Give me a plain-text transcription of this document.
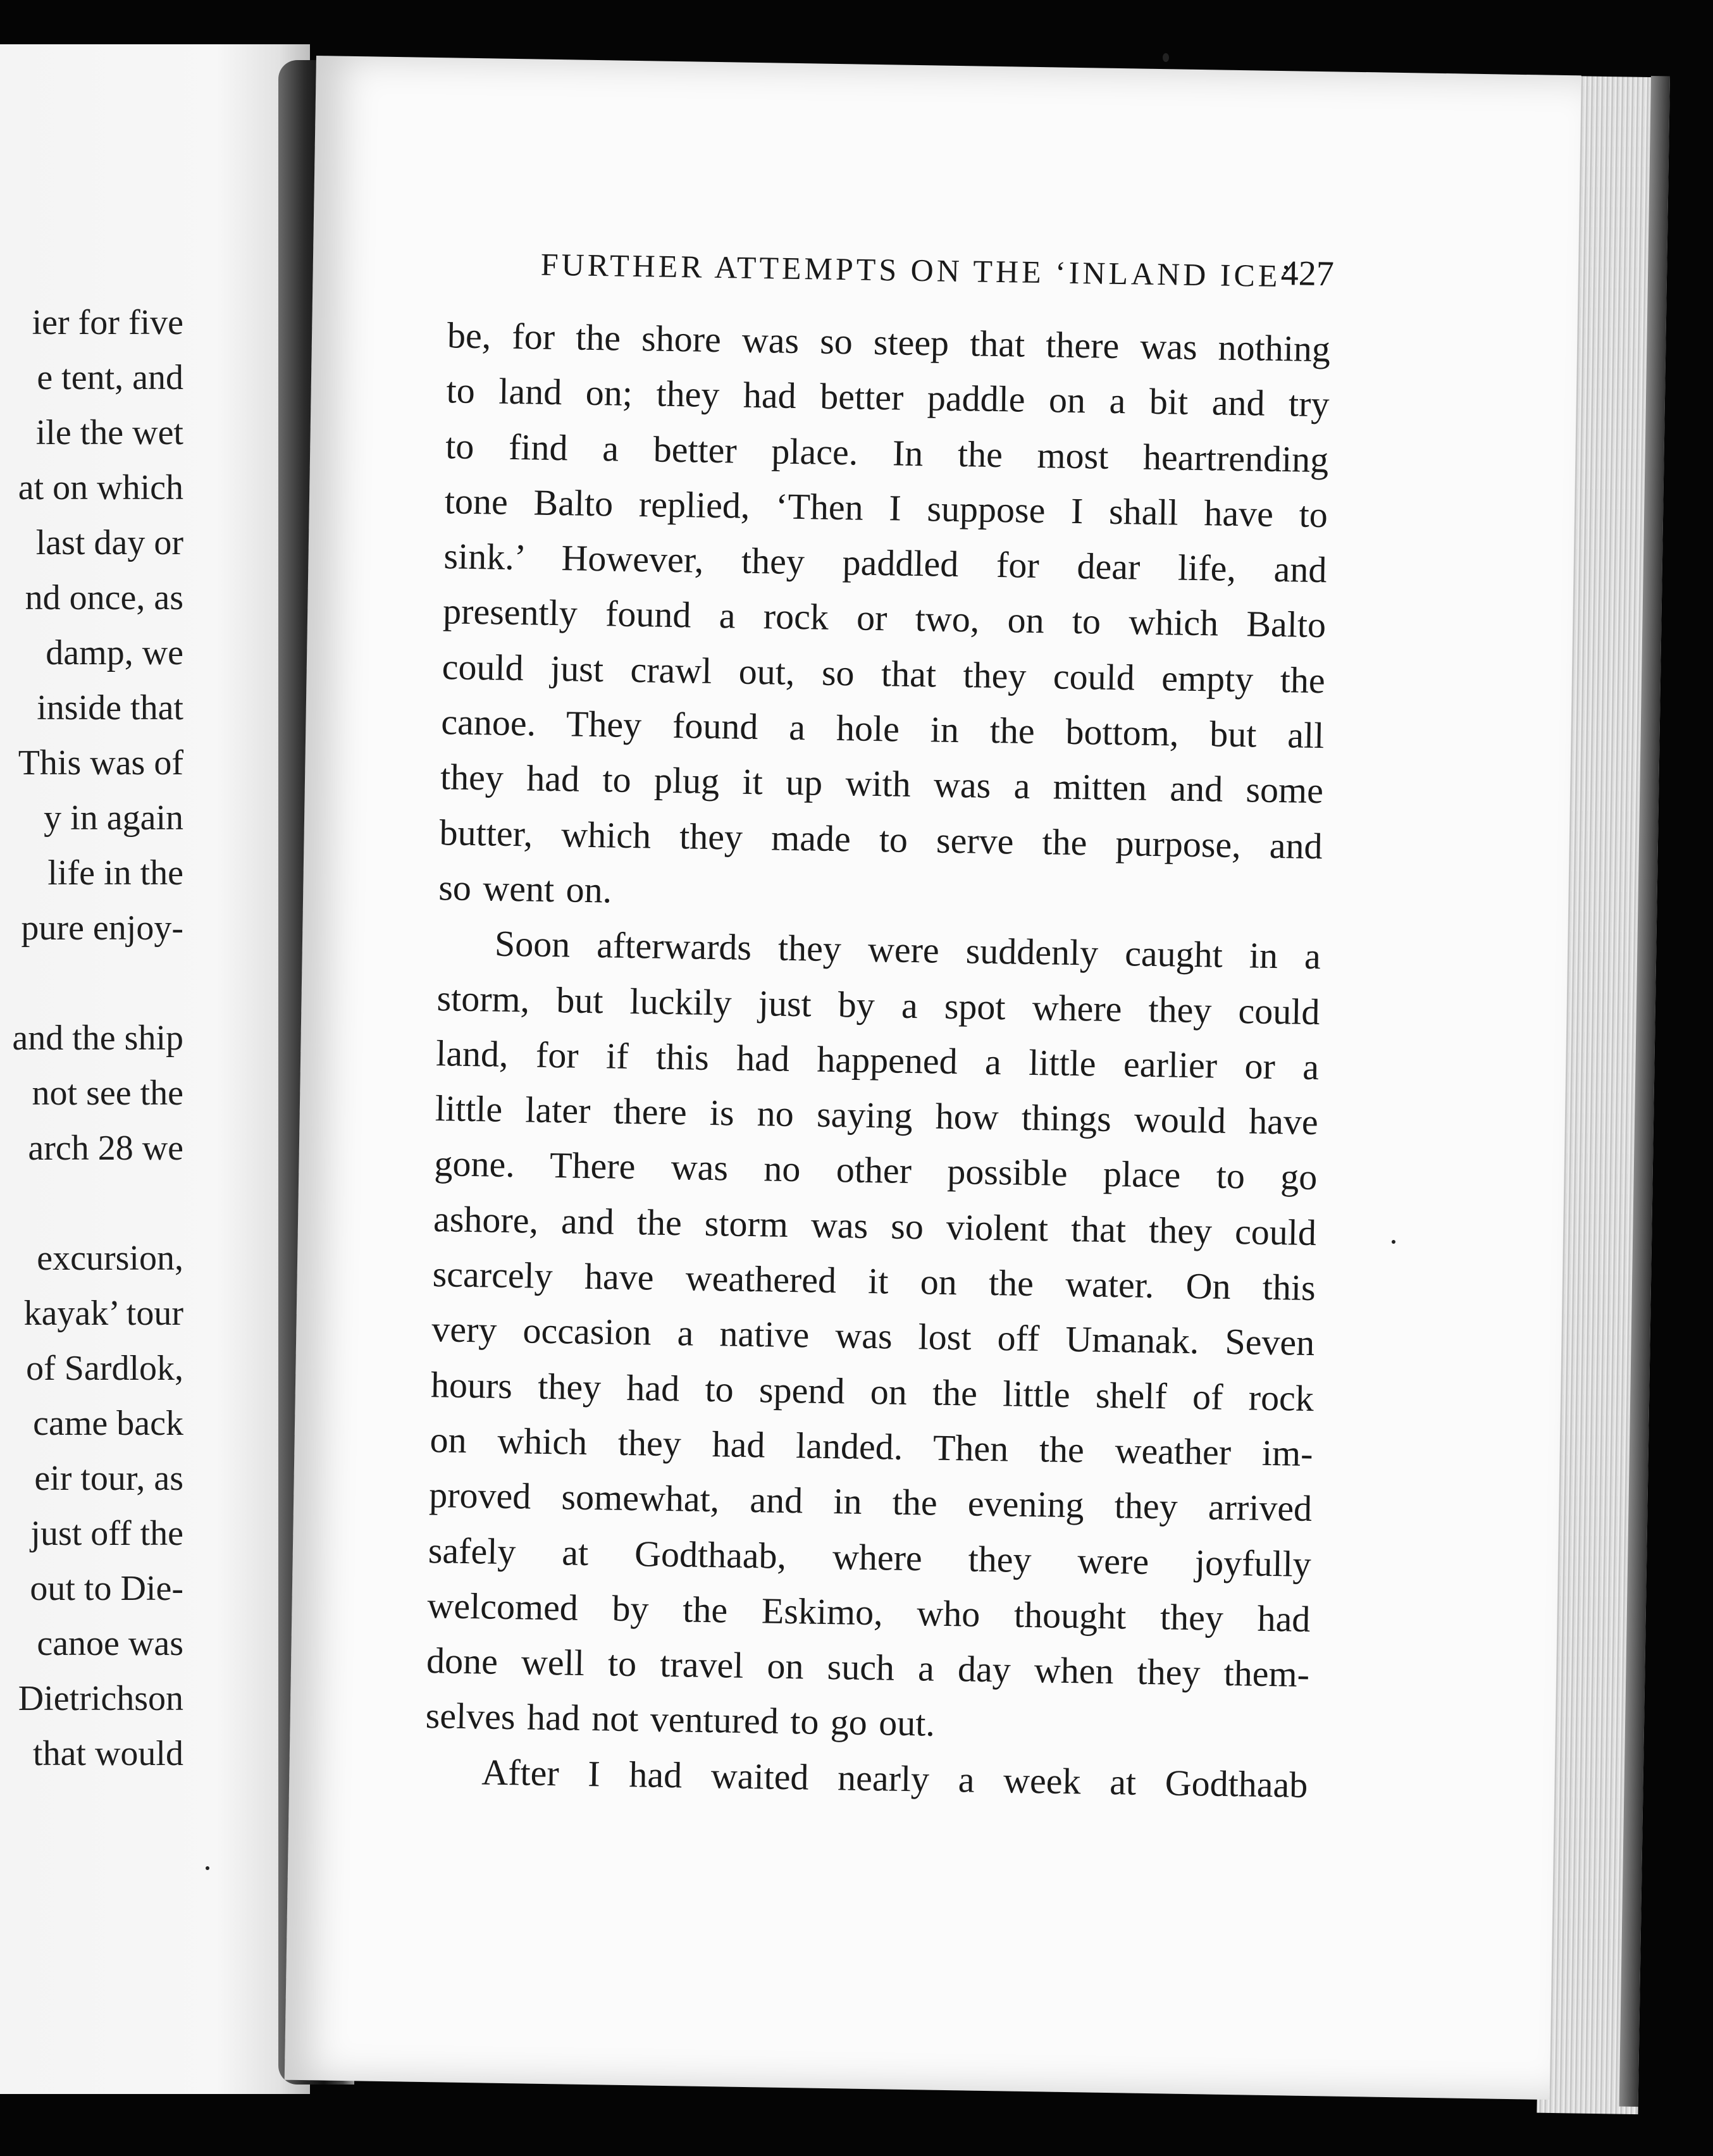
ier for five
e tent, and
ile the wet
at on which
last day or
nd once, as
damp, we
inside that
This was of
y in again
life in the
pure enjoy-
and the ship
not see the
arch 28 we
excursion,
kayak’ tour
of Sardlok,
came back
eir tour, as
just off the
out to Die-
canoe was
Dietrichson
that would
FURTHER ATTEMPTS ON THE ‘INLAND ICE’
427
be, for the shore was so steep that there was nothing
to land on; they had better paddle on a bit and try
to find a better place. In the most heartrending
tone Balto replied, ‘Then I suppose I shall have to
sink.’ However, they paddled for dear life, and
presently found a rock or two, on to which Balto
could just crawl out, so that they could empty the
canoe. They found a hole in the bottom, but all
they had to plug it up with was a mitten and some
butter, which they made to serve the purpose, and
so went on.
Soon afterwards they were suddenly caught in a
storm, but luckily just by a spot where they could
land, for if this had happened a little earlier or a
little later there is no saying how things would have
gone. There was no other possible place to go
ashore, and the storm was so violent that they could
scarcely have weathered it on the water. On this
very occasion a native was lost off Umanak. Seven
hours they had to spend on the little shelf of rock
on which they had landed. Then the weather im-
proved somewhat, and in the evening they arrived
safely at Godthaab, where they were joyfully
welcomed by the Eskimo, who thought they had
done well to travel on such a day when they them-
selves had not ventured to go out.
After I had waited nearly a week at Godthaab
